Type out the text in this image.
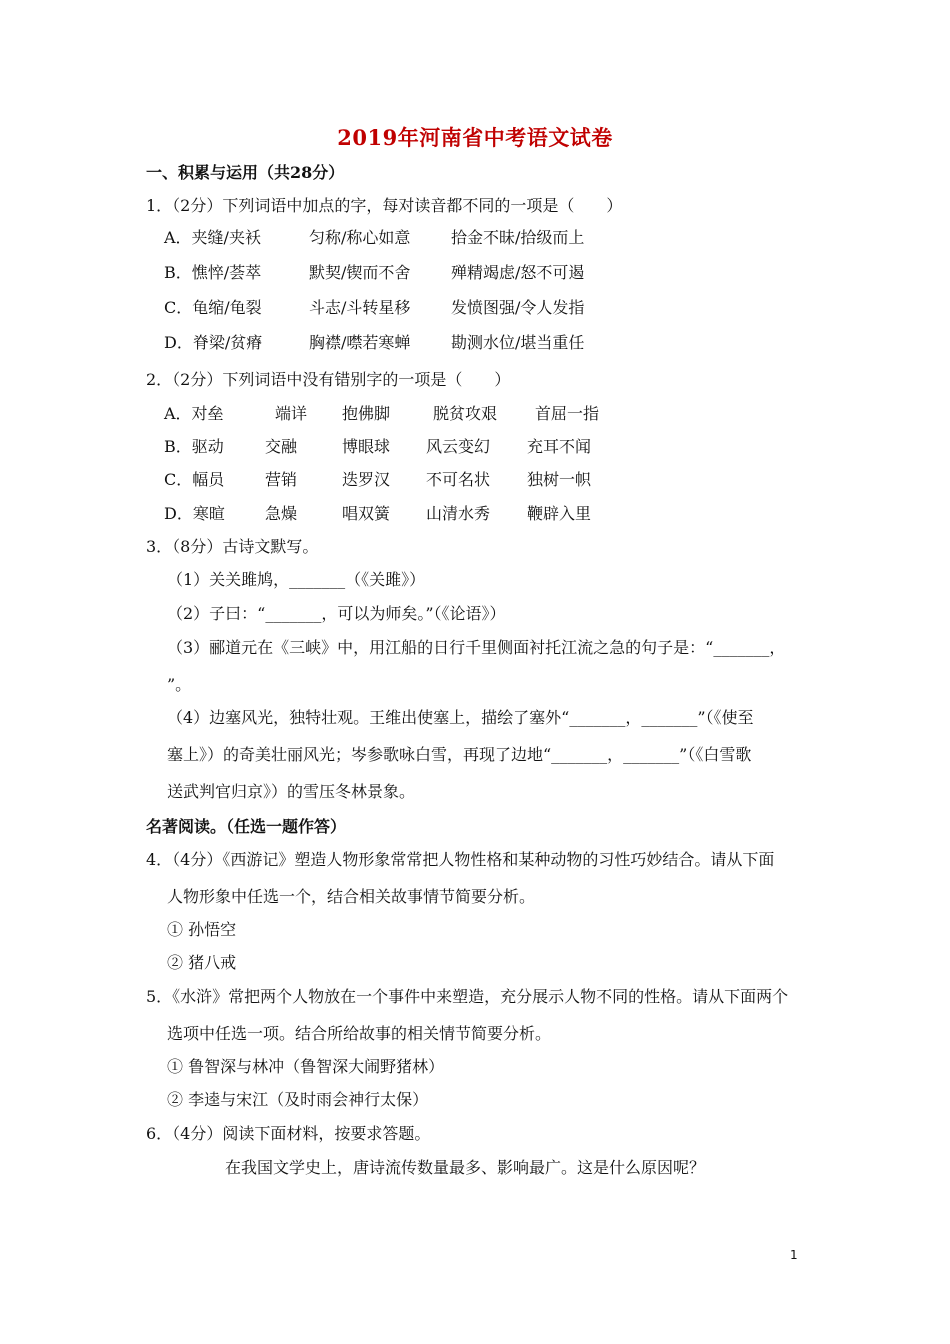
2019年河南省中考语文试卷
一、积累与运用（共28分）
1．（2分）下列词语中加点的字，每对读音都不同的一项是（　　）
A．夹缝/夹袄	匀称/称心如意	拾金不昧/拾级而上
B．憔悴/荟萃	默契/锲而不舍	殚精竭虑/怒不可遏
C．龟缩/龟裂	斗志/斗转星移	发愤图强/令人发指
D．脊梁/贫瘠	胸襟/噤若寒蝉	勘测水位/堪当重任
2．（2分）下列词语中没有错别字的一项是（　　）
A．对垒	端详 抱佛脚	脱贫攻艰 首屈一指
B．驱动	交融	博眼球 风云变幻 充耳不闻
C．幅员	营销	迭罗汉 不可名状 独树一帜
D．寒暄	急燥	唱双簧 山清水秀 鞭辟入里
3．（8分）古诗文默写。
（1）关关雎鸠，_______（《关雎》）
（2）子曰：“_______，可以为师矣。”（《论语》）
（3）郦道元在《三峡》中，用江船的日行千里侧面衬托江流之急的句子是：“_______，
”。
（4）边塞风光，独特壮观。王维出使塞上，描绘了塞外“_______，_______”（《使至
塞上》）的奇美壮丽风光；岑参歌咏白雪，再现了边地“_______，_______”（《白雪歌
送武判官归京》）的雪压冬林景象。
名著阅读。（任选一题作答）
4．（4分）《西游记》塑造人物形象常常把人物性格和某种动物的习性巧妙结合。请从下面
人物形象中任选一个，结合相关故事情节简要分析。
① 孙悟空
② 猪八戒
5．《水浒》常把两个人物放在一个事件中来塑造，充分展示人物不同的性格。请从下面两个
选项中任选一项。结合所给故事的相关情节简要分析。
① 鲁智深与林冲（鲁智深大闹野猪林）
② 李逵与宋江（及时雨会神行太保）
6．（4分）阅读下面材料，按要求答题。
在我国文学史上，唐诗流传数量最多、影响最广。这是什么原因呢？
1
